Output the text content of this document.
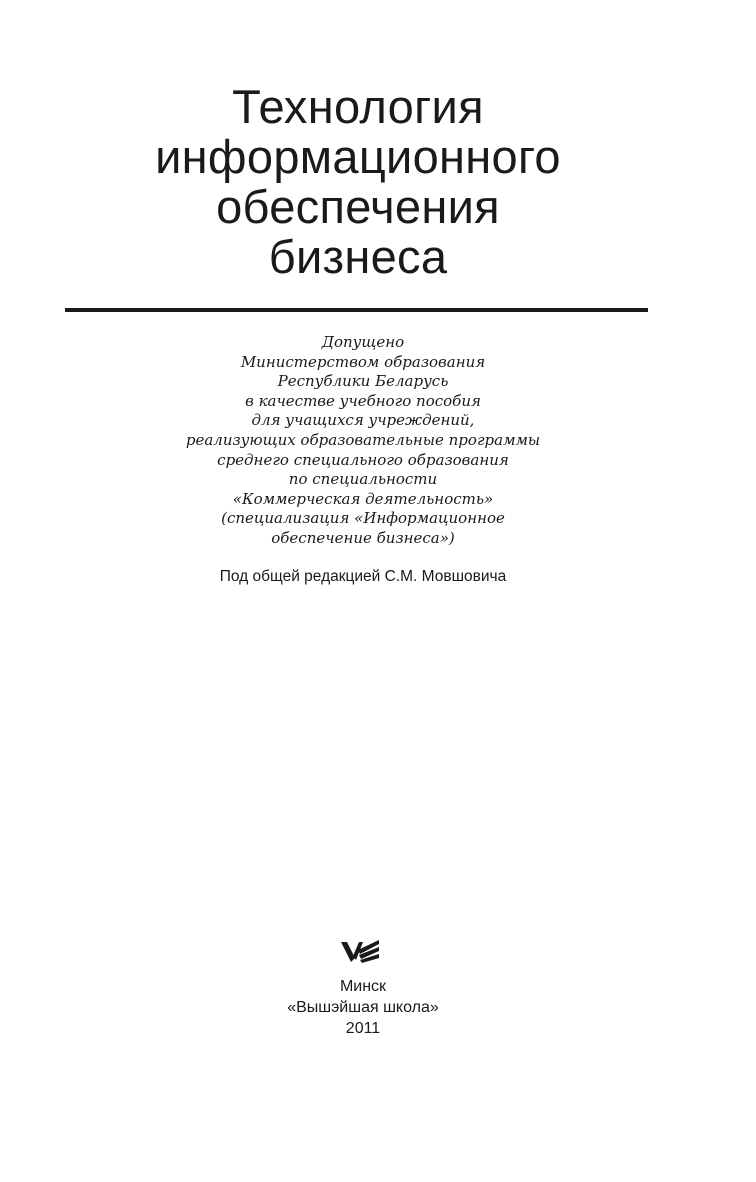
Технология
информационного
обеспечения
бизнеса
Допущено
Министерством образования
Республики Беларусь
в качестве учебного пособия
для учащихся учреждений,
реализующих образовательные программы
среднего специального образования
по специальности
«Коммерческая деятельность»
(специализация «Информационное
обеспечение бизнеса»)
Под общей редакцией С.М. Мовшовича
Минск
«Вышэйшая школа»
2011
